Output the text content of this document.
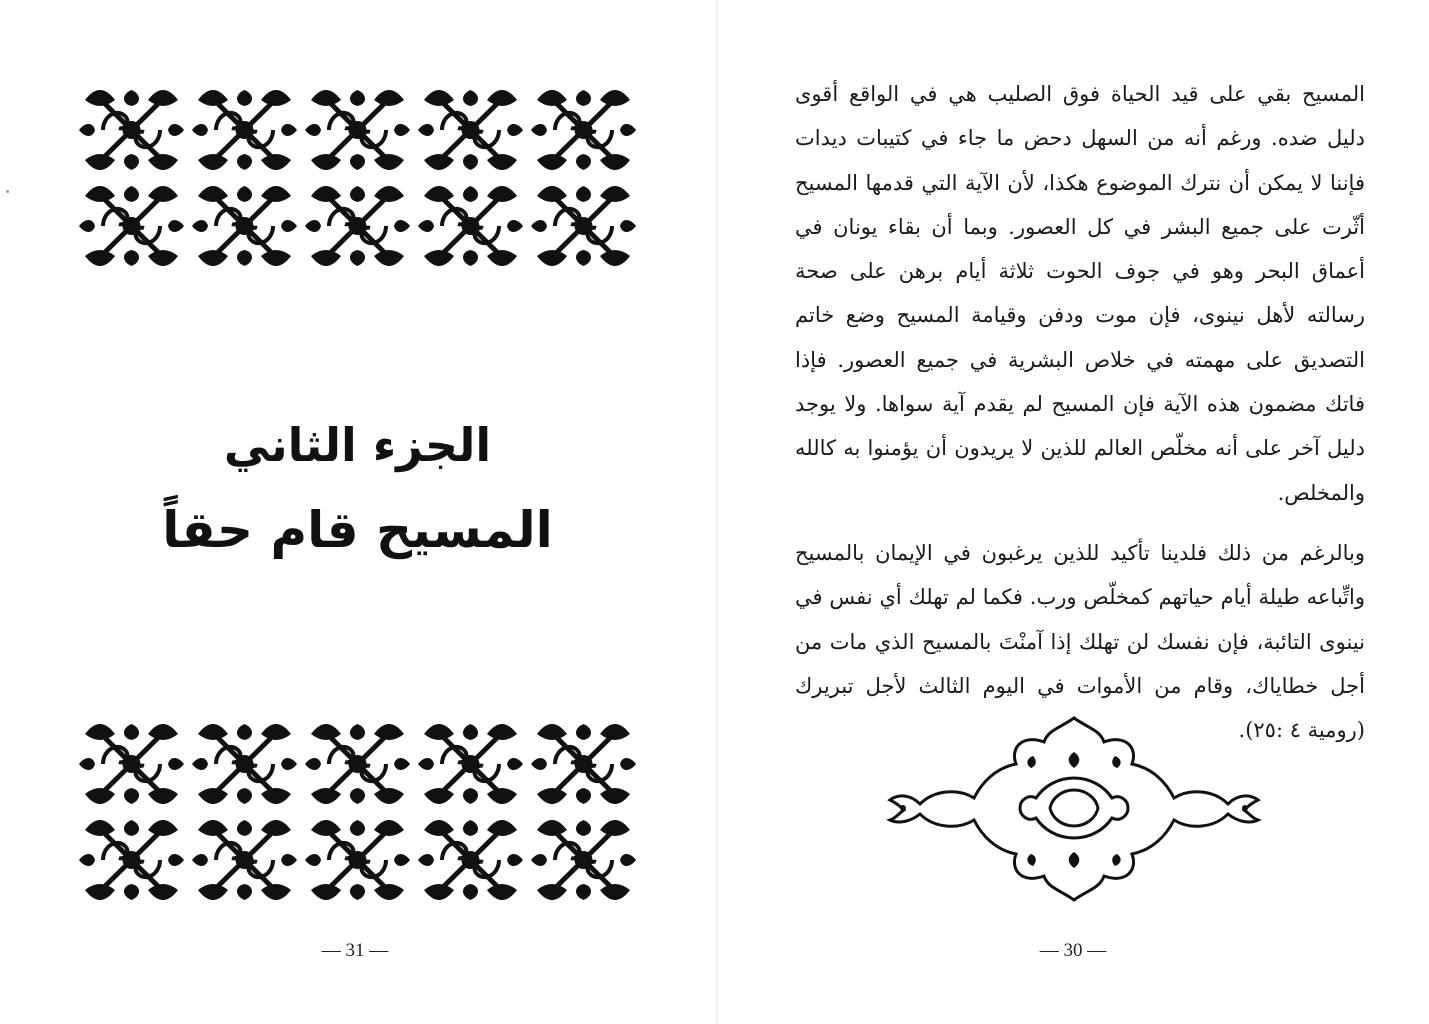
الجزء الثاني
المسيح قام حقاً
— 31 —

المسيح بقي على قيد الحياة فوق الصليب هي في الواقع أقوى دليل ضده. ورغم أنه من السهل دحض ما جاء في كتيبات ديدات فإننا لا يمكن أن نترك الموضوع هكذا، لأن الآية التي قدمها المسيح أثّرت على جميع البشر في كل العصور. وبما أن بقاء يونان في أعماق البحر وهو في جوف الحوت ثلاثة أيام برهن على صحة رسالته لأهل نينوى، فإن موت ودفن وقيامة المسيح وضع خاتم التصديق على مهمته في خلاص البشرية في جميع العصور. فإذا فاتك مضمون هذه الآية فإن المسيح لم يقدم آية سواها. ولا يوجد دليل آخر على أنه مخلّص العالم للذين لا يريدون أن يؤمنوا به كالله والمخلص.

وبالرغم من ذلك فلدينا تأكيد للذين يرغبون في الإيمان بالمسيح واتِّباعه طيلة أيام حياتهم كمخلّص ورب. فكما لم تهلك أي نفس في نينوى التائبة، فإن نفسك لن تهلك إذا آمنْتَ بالمسيح الذي مات من أجل خطاياك، وقام من الأموات في اليوم الثالث لأجل تبريرك (رومية ٤ :٢٥).

— 30 —
